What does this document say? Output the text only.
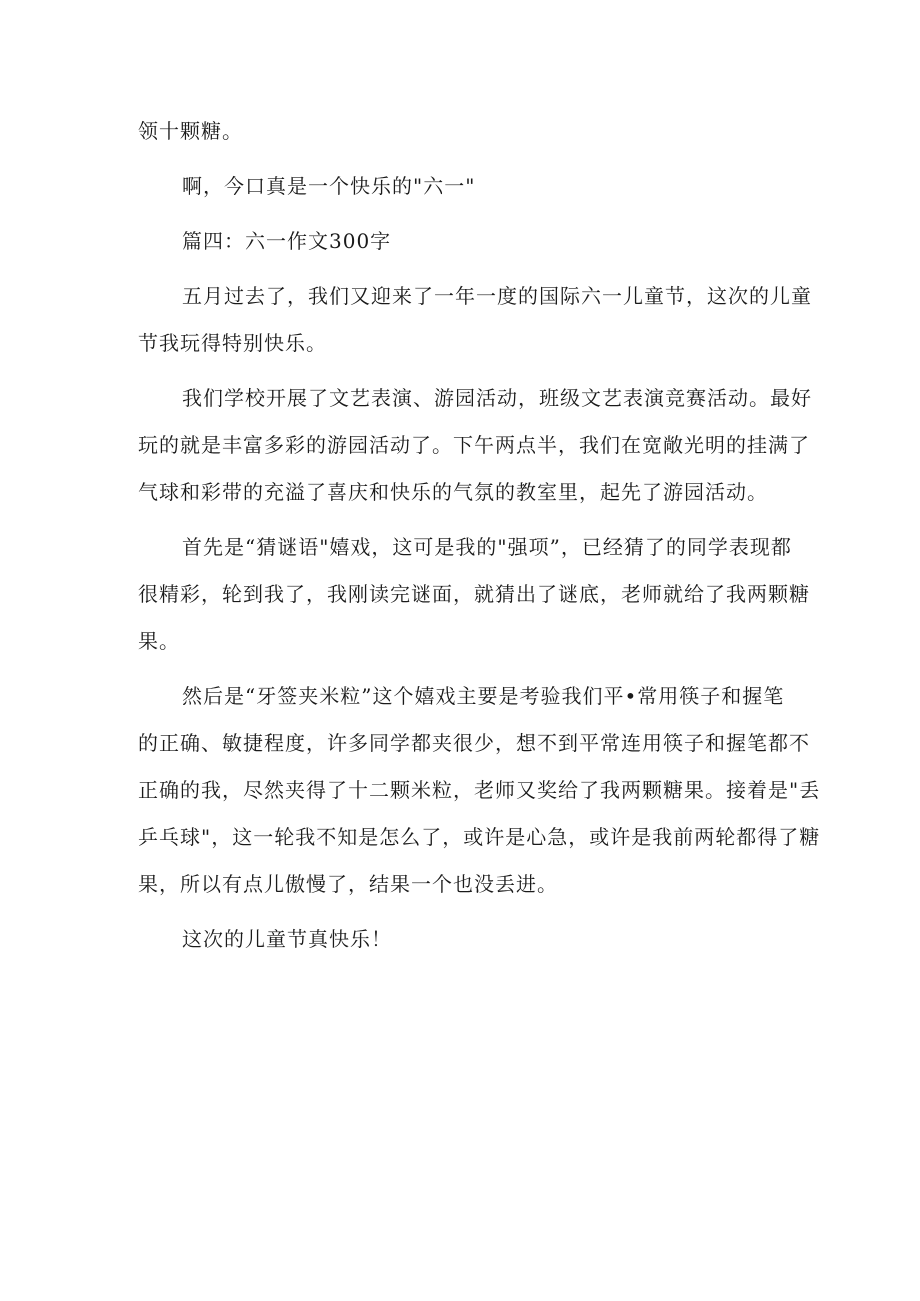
领十颗糖。
啊，今口真是一个快乐的"六一"
篇四：六一作文300字
五月过去了，我们又迎来了一年一度的国际六一儿童节，这次的儿童
节我玩得特别快乐。
我们学校开展了文艺表演、游园活动，班级文艺表演竞赛活动。最好
玩的就是丰富多彩的游园活动了。下午两点半，我们在宽敞光明的挂满了
气球和彩带的充溢了喜庆和快乐的气氛的教室里，起先了游园活动。
首先是“猜谜语"嬉戏，这可是我的"强项”，已经猜了的同学表现都
很精彩，轮到我了，我刚读完谜面，就猜出了谜底，老师就给了我两颗糖
果。
然后是“牙签夹米粒”这个嬉戏主要是考验我们平•常用筷子和握笔
的正确、敏捷程度，许多同学都夹很少，想不到平常连用筷子和握笔都不
正确的我，尽然夹得了十二颗米粒，老师又奖给了我两颗糖果。接着是"丢
乒乓球"，这一轮我不知是怎么了，或许是心急，或许是我前两轮都得了糖
果，所以有点儿傲慢了，结果一个也没丢进。
这次的儿童节真快乐！
